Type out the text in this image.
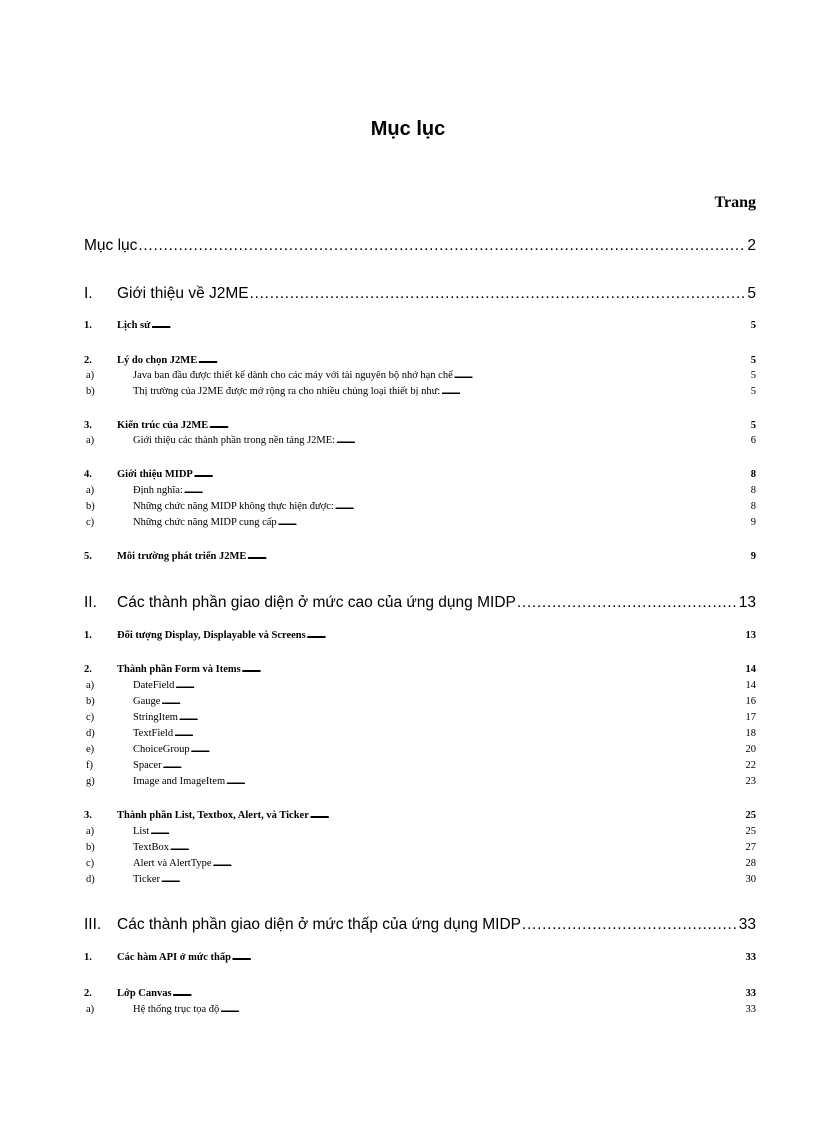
Mục lục
Trang
Mục lục . . .	2
I.	Giới thiệu về J2ME . . .	5
1.	Lịch sử . . .	5
2.	Lý do chọn J2ME . . .	5
a)	Java ban đầu được thiết kế dành cho các máy với tài nguyên bộ nhớ hạn chế . . .	5
b)	Thị trường của J2ME được mở rộng ra cho nhiều chủng loại thiết bị như: . . .	5
3.	Kiến trúc của J2ME . . .	5
a)	Giới thiệu các thành phần trong nền tảng J2ME: . . .	6
4.	Giới thiệu MIDP . . .	8
a)	Định nghĩa: . . .	8
b)	Những chức năng MIDP không thực hiện được: . . .	8
c)	Những chức năng MIDP cung cấp . . .	9
5.	Môi trường phát triển J2ME . . .	9
II.	Các thành phần giao diện ở mức cao của ứng dụng MIDP . . .	13
1.	Đối tượng Display, Displayable và Screens . . .	13
2.	Thành phần Form và Items . . .	14
a)	DateField . . .	14
b)	Gauge . . .	16
c)	StringItem . . .	17
d)	TextField . . .	18
e)	ChoiceGroup . . .	20
f)	Spacer . . .	22
g)	Image and ImageItem . . .	23
3.	Thành phần List, Textbox, Alert, và Ticker . . .	25
a)	List . . .	25
b)	TextBox . . .	27
c)	Alert và AlertType . . .	28
d)	Ticker . . .	30
III.	Các thành phần giao diện ở mức thấp của ứng dụng MIDP . . .	33
1.	Các hàm API ở mức thấp . . .	33
2.	Lớp Canvas . . .	33
a)	Hệ thống trục tọa độ . . .	33
